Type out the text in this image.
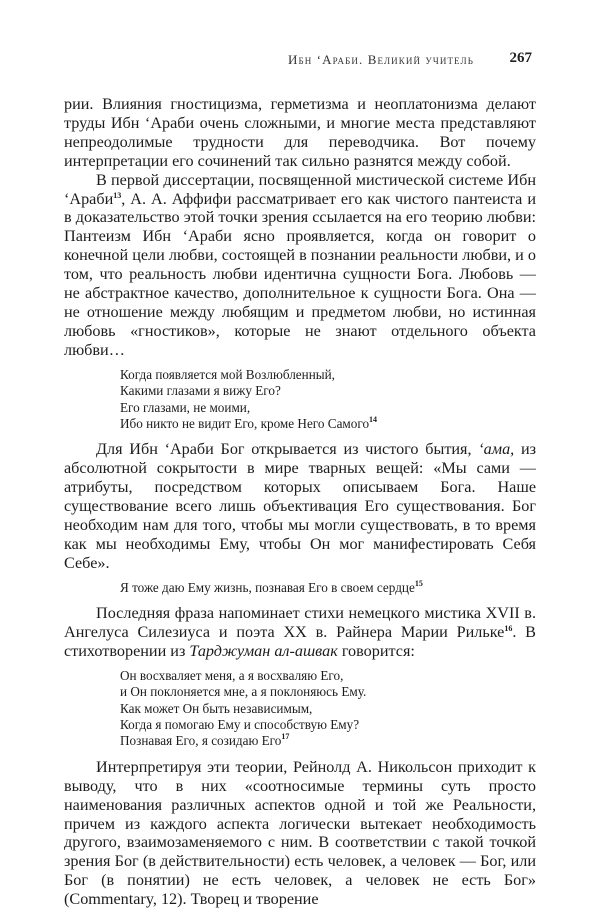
Ибн ‘Араби. Великий учитель 267

рии. Влияния гностицизма, герметизма и неоплатонизма делают труды Ибн ‘Араби очень сложными, и многие места представляют непреодолимые трудности для переводчика. Вот почему интерпретации его сочинений так сильно разнятся между собой.

В первой диссертации, посвященной мистической системе Ибн ‘Араби$^{13}$, А. А. Аффифи рассматривает его как чистого пантеиста и в доказательство этой точки зрения ссылается на его теорию любви: Пантеизм Ибн ‘Араби ясно проявляется, когда он говорит о конечной цели любви, состоящей в познании реальности любви, и о том, что реальность любви идентична сущности Бога. Любовь — не абстрактное качество, дополнительное к сущности Бога. Она — не отношение между любящим и предметом любви, но истинная любовь «гностиков», которые не знают отдельного объекта любви…

Когда появляется мой Возлюбленный,
Какими глазами я вижу Его?
Его глазами, не моими,
Ибо никто не видит Его, кроме Него Самого$^{14}$

Для Ибн ‘Араби Бог открывается из чистого бытия, ‘ама, из абсолютной сокрытости в мире тварных вещей: «Мы сами — атрибуты, посредством которых описываем Бога. Наше существование всего лишь объективация Его существования. Бог необходим нам для того, чтобы мы могли существовать, в то время как мы необходимы Ему, чтобы Он мог манифестировать Себя Себе».

Я тоже даю Ему жизнь, познавая Его в своем сердце$^{15}$

Последняя фраза напоминает стихи немецкого мистика XVII в. Ангелуса Силезиуса и поэта XX в. Райнера Марии Рильке$^{16}$. В стихотворении из Тарджуман ал-ашвак говорится:

Он восхваляет меня, а я восхваляю Его,
и Он поклоняется мне, а я поклоняюсь Ему.
Как может Он быть независимым,
Когда я помогаю Ему и способствую Ему?
Познавая Его, я созидаю Его$^{17}$

Интерпретируя эти теории, Рейнолд А. Никольсон приходит к выводу, что в них «соотносимые термины суть просто наименования различных аспектов одной и той же Реальности, причем из каждого аспекта логически вытекает необходимость другого, взаимозаменяемого с ним. В соответствии с такой точкой зрения Бог (в действительности) есть человек, а человек — Бог, или Бог (в понятии) не есть человек, а человек не есть Бог» (Commentary, 12). Творец и творение
